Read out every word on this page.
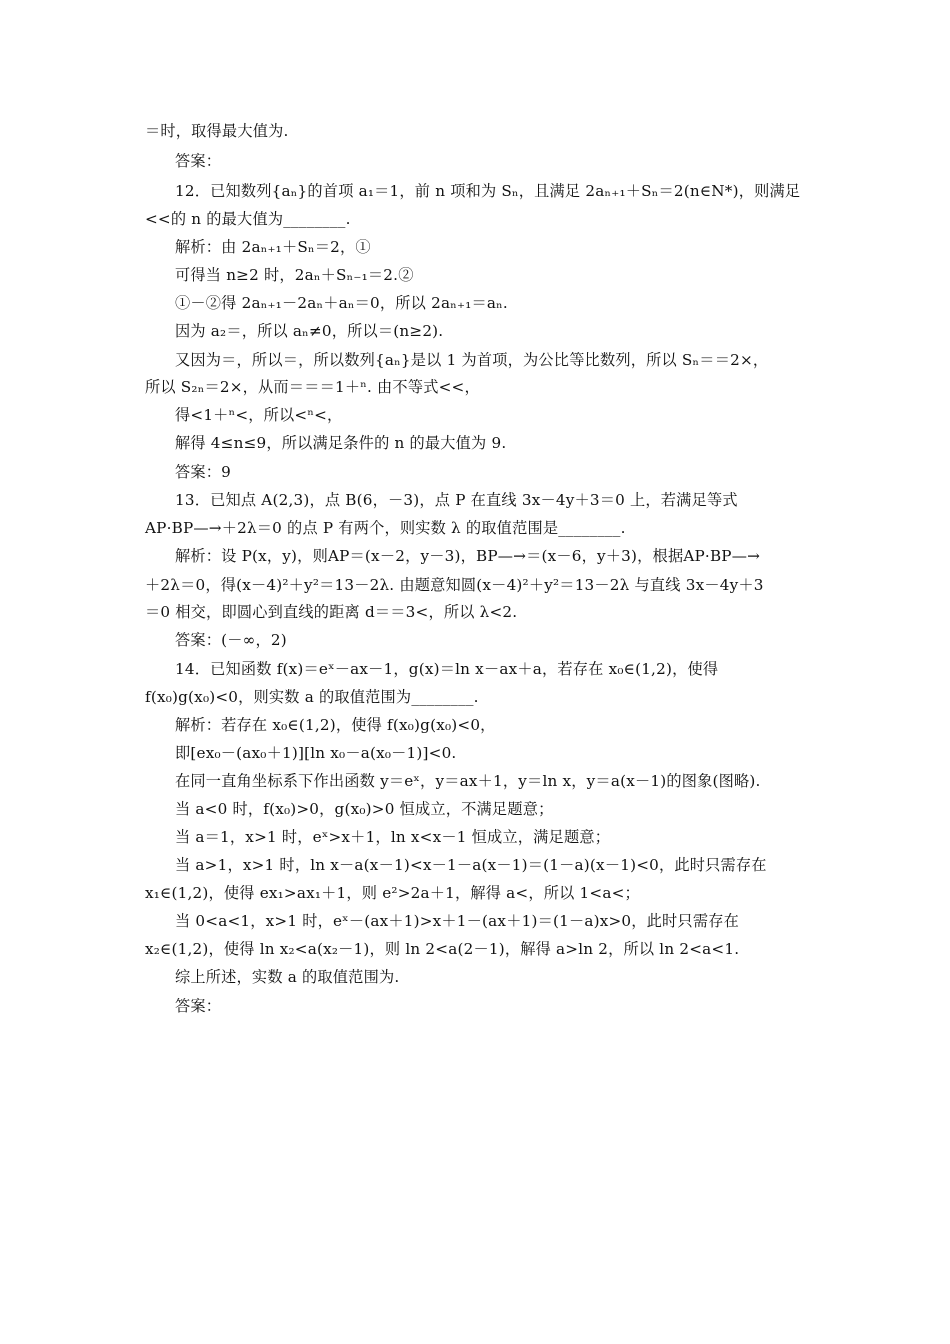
＝时，取得最大值为.
答案：
12．已知数列{aₙ}的首项 a₁＝1，前 n 项和为 Sₙ，且满足 2aₙ₊₁＋Sₙ＝2(n∈N*)，则满足
<<的 n 的最大值为________.
解析：由 2aₙ₊₁＋Sₙ＝2，①
可得当 n≥2 时，2aₙ＋Sₙ₋₁＝2.②
①－②得 2aₙ₊₁－2aₙ＋aₙ＝0，所以 2aₙ₊₁＝aₙ.
因为 a₂＝，所以 aₙ≠0，所以＝(n≥2).
又因为＝，所以＝，所以数列{aₙ}是以 1 为首项，为公比等比数列，所以 Sₙ＝＝2×，
所以 S₂ₙ＝2×，从而＝＝＝1＋ⁿ. 由不等式<<，
得<1＋ⁿ<，所以<ⁿ<，
解得 4≤n≤9，所以满足条件的 n 的最大值为 9.
答案：9
13．已知点 A(2,3)，点 B(6，－3)，点 P 在直线 3x－4y＋3＝0 上，若满足等式
AP·BP—→＋2λ＝0 的点 P 有两个，则实数 λ 的取值范围是________.
解析：设 P(x，y)，则AP＝(x－2，y－3)，BP—→＝(x－6，y＋3)，根据AP·BP—→
＋2λ＝0，得(x－4)²＋y²＝13－2λ. 由题意知圆(x－4)²＋y²＝13－2λ 与直线 3x－4y＋3
＝0 相交，即圆心到直线的距离 d＝＝3<，所以 λ<2.
答案：(－∞，2)
14．已知函数 f(x)＝eˣ－ax－1，g(x)＝ln x－ax＋a，若存在 x₀∈(1,2)，使得
f(x₀)g(x₀)<0，则实数 a 的取值范围为________.
解析：若存在 x₀∈(1,2)，使得 f(x₀)g(x₀)<0，
即[ex₀－(ax₀＋1)][ln x₀－a(x₀－1)]<0.
在同一直角坐标系下作出函数 y＝eˣ，y＝ax＋1，y＝ln x，y＝a(x－1)的图象(图略).
当 a<0 时，f(x₀)>0，g(x₀)>0 恒成立，不满足题意；
当 a＝1，x>1 时，eˣ>x＋1，ln x<x－1 恒成立，满足题意；
当 a>1，x>1 时，ln x－a(x－1)<x－1－a(x－1)＝(1－a)(x－1)<0，此时只需存在
x₁∈(1,2)，使得 ex₁>ax₁＋1，则 e²>2a＋1，解得 a<，所以 1<a<；
当 0<a<1，x>1 时，eˣ－(ax＋1)>x＋1－(ax＋1)＝(1－a)x>0，此时只需存在
x₂∈(1,2)，使得 ln x₂<a(x₂－1)，则 ln 2<a(2－1)，解得 a>ln 2，所以 ln 2<a<1.
综上所述，实数 a 的取值范围为.
答案：
